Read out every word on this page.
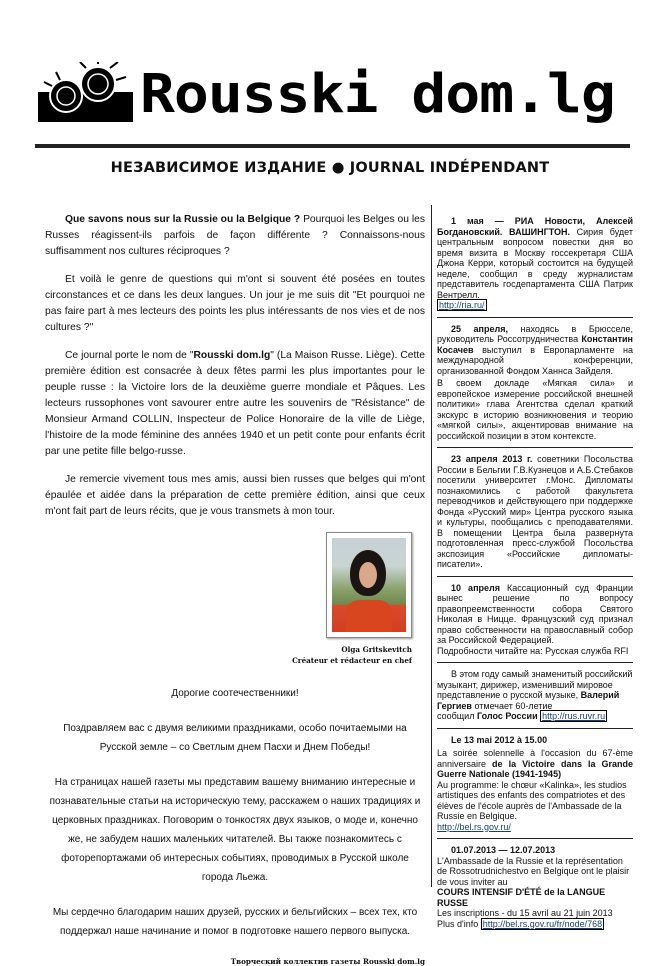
Rousski dom.lg
НЕЗАВИСИМОЕ ИЗДАНИЕ ● JOURNAL INDÉPENDANT

Que savons nous sur la Russie ou la Belgique ? Pourquoi les Belges ou les Russes réagissent-ils parfois de façon différente ? Connaissons-nous suffisamment nos cultures réciproques ?

Et voilà le genre de questions qui m'ont si souvent été posées en toutes circonstances et ce dans les deux langues. Un jour je me suis dit "Et pourquoi ne pas faire part à mes lecteurs des points les plus intéressants de nos vies et de nos cultures ?"

Ce journal porte le nom de "Rousski dom.lg" (La Maison Russe. Liège). Cette première édition est consacrée à deux fêtes parmi les plus importantes pour le peuple russe : la Victoire lors de la deuxième guerre mondiale et Pâques. Les lecteurs russophones vont savourer entre autre les souvenirs de "Résistance" de Monsieur Armand COLLIN, Inspecteur de Police Honoraire de la ville de Liège, l'histoire de la mode féminine des années 1940 et un petit conte pour enfants écrit par une petite fille belgo-russe.

Je remercie vivement tous mes amis, aussi bien russes que belges qui m'ont épaulée et aidée dans la préparation de cette première édition, ainsi que ceux m'ont fait part de leurs récits, que je vous transmets à mon tour.

Olga Gritskevitch
Créateur et rédacteur en chef

Дорогие соотечественники!

Поздравляем вас с двумя великими праздниками, особо почитаемыми на Русской земле – со Светлым днем Пасхи и Днем Победы!

На страницах нашей газеты мы представим вашему вниманию интересные и познавательные статьи на историческую тему, расскажем о наших традициях и церковных праздниках. Поговорим о тонкостях двух языков, о моде и, конечно же, не забудем наших маленьких читателей. Вы также познакомитесь с фоторепортажами об интересных событиях, проводимых в Русской школе города Льежа.

Мы сердечно благодарим наших друзей, русских и бельгийских – всех тех, кто поддержал наше начинание и помог в подготовке нашего первого выпуска.

Творческий коллектив газеты Rousski dom.lg

1 мая — РИА Новости, Алексей Богдановский. ВАШИНГТОН. Сирия будет центральным вопросом повестки дня во время визита в Москву госсекретаря США Джона Керри, который состоится на будущей неделе, сообщил в среду журналистам представитель госдепартамента США Патрик Вентрелл.

http://ria.ru/

25 апреля, находясь в Брюсселе, руководитель Россотрудничества Константин Косачев выступил в Европарламенте на международной конференции, организованной Фондом Ханнса Зайделя.

В своем докладе «Мягкая сила» и европейское измерение российской внешней политики» глава Агентства сделал краткий экскурс в историю возникновения и теорию «мягкой силы», акцентировав внимание на российской позиции в этом контексте.

23 апреля 2013 г. советники Посольства России в Бельгии Г.В.Кузнецов и А.Б.Стебаков посетили университет г.Монс. Дипломаты познакомились с работой факультета переводчиков и действующего при поддержке Фонда «Русский мир» Центра русского языка и культуры, пообщались с преподавателями. В помещении Центра была развернута подготовленная пресс-службой Посольства экспозиция «Российские дипломаты-писатели».

10 апреля Кассационный суд Франции вынес решение по вопросу правопреемственности собора Святого Николая в Ницце. Французский суд признал право собственности на православный собор за Российской Федерацией.

Подробности читайте на: Русская служба RFI

В этом году самый знаменитый российский музыкант, дирижер, изменивший мировое представление о русской музыке, Валерий Гергиев отмечает 60-летие

сообщил Голос России http://rus.ruvr.ru

Le 13 mai 2012 à 15.00

La soirée solennelle à l'occasion du 67-ème anniversaire de la Victoire dans la Grande Guerre Nationale (1941-1945)

Au programme: le chœur «Kalinka», les studios artistiques des enfants des compatriotes et des élèves de l'école auprès de l'Ambassade de la Russie en Belgique.

http://bel.rs.gov.ru/

01.07.2013 — 12.07.2013

L'Ambassade de la Russie et la représentation de Rossotrudnichestvo en Belgique ont le plaisir de vous inviter au

COURS INTENSIF D'ÉTÉ de la LANGUE RUSSE

Les inscriptions - du 15 avril au 21 juin 2013

Plus d'info http://bel.rs.gov.ru/fr/node/768
